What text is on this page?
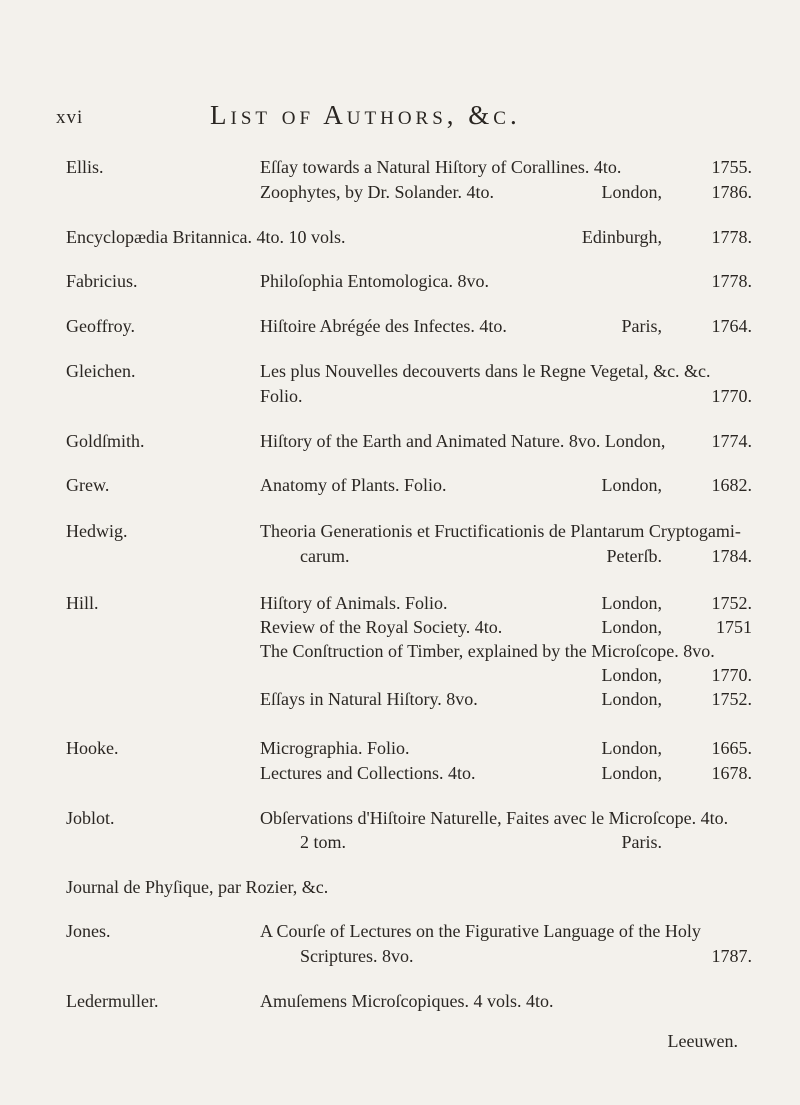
xvi	List of Authors, &c.
Ellis.	Eſſay towards a Natural Hiſtory of Corallines. 4to.	1755.
Zoophytes, by Dr. Solander. 4to.	London,	1786.
Encyclopædia Britannica. 4to. 10 vols.	Edinburgh,	1778.
Fabricius.	Philoſophia Entomologica. 8vo.	1778.
Geoffroy.	Hiſtoire Abrégée des Infectes. 4to.	Paris,	1764.
Gleichen.	Les plus Nouvelles decouverts dans le Regne Vegetal, &c. &c.
Folio.	1770.
Goldſmith.	Hiſtory of the Earth and Animated Nature. 8vo. London,	1774.
Grew.	Anatomy of Plants. Folio.	London,	1682.
Hedwig.	Theoria Generationis et Fructificationis de Plantarum Cryptogami-
carum.	Peterſb.	1784.
Hill.	Hiſtory of Animals. Folio.	London,	1752.
Review of the Royal Society. 4to.	London,	1751
The Conſtruction of Timber, explained by the Microſcope. 8vo.
London,	1770.
Eſſays in Natural Hiſtory. 8vo.	London,	1752.
Hooke.	Micrographia. Folio.	London,	1665.
Lectures and Collections. 4to.	London,	1678.
Joblot.	Obſervations d'Hiſtoire Naturelle, Faites avec le Microſcope. 4to.
2 tom.	Paris.
Journal de Phyſique, par Rozier, &c.
Jones.	A Courſe of Lectures on the Figurative Language of the Holy
Scriptures. 8vo.	1787.
Ledermuller.	Amuſemens Microſcopiques. 4 vols. 4to.
Leeuwen.
